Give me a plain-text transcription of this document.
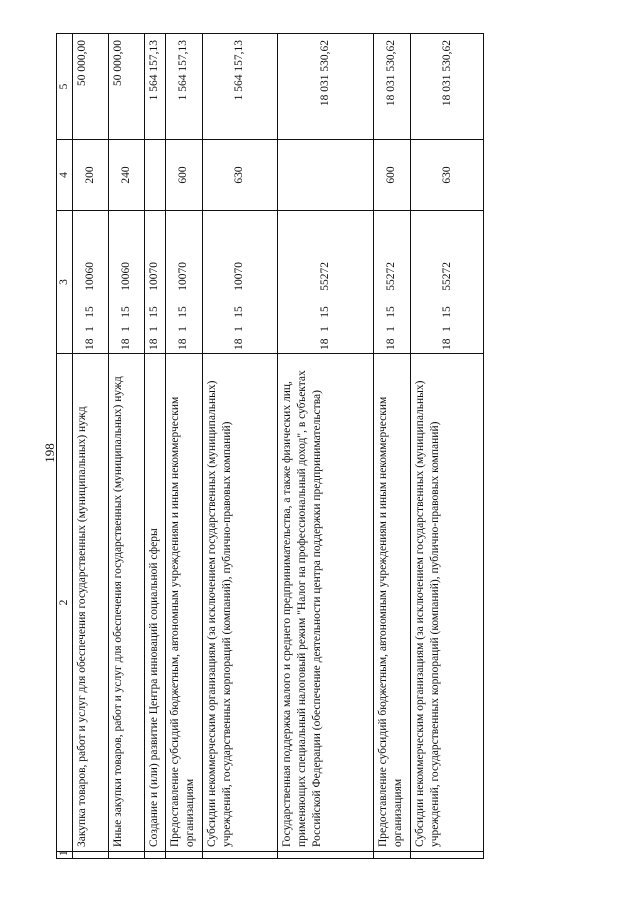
198
1	2	3	4	5
	Закупка товаров, работ и услуг для обеспечения государственных (муниципальных) нужд	1811510060	200	50 000,00
	Иные закупки товаров, работ и услуг для обеспечения государственных (муниципальных) нужд	1811510060	240	50 000,00
	Создание и (или) развитие Центра инноваций социальной сферы	1811510070		1 564 157,13
	Предоставление субсидий бюджетным, автономным учреждениям и иным некоммерческим организациям	1811510070	600	1 564 157,13
	Субсидии некоммерческим организациям (за исключением государственных (муниципальных) учреждений, государственных корпораций (компаний), публично-правовых компаний)	1811510070	630	1 564 157,13
	Государственная поддержка малого и среднего предпринимательства, а также физических лиц, применяющих специальный налоговый режим "Налог на профессиональный доход", в субъектах Российской Федерации (обеспечение деятельности центра поддержки предпринимательства)	1811555272		18 031 530,62
	Предоставление субсидий бюджетным, автономным учреждениям и иным некоммерческим организациям	1811555272	600	18 031 530,62
	Субсидии некоммерческим организациям (за исключением государственных (муниципальных) учреждений, государственных корпораций (компаний), публично-правовых компаний)	1811555272	630	18 031 530,62
